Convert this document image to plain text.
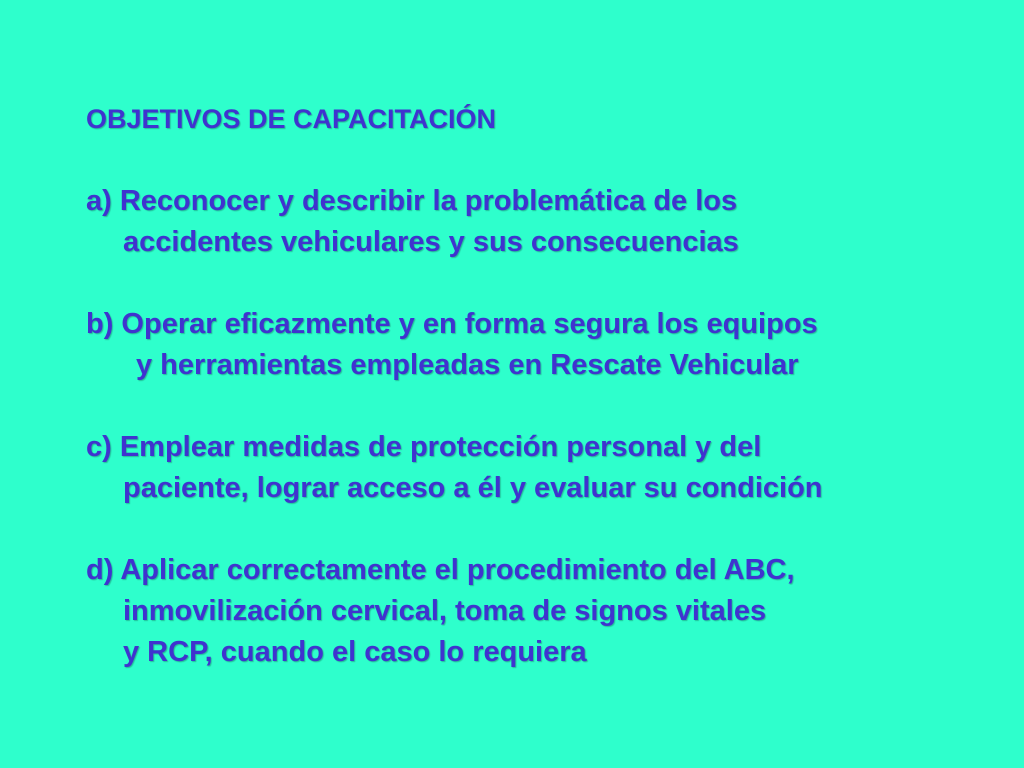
OBJETIVOS DE CAPACITACIÓN
a) Reconocer y describir la problemática de los
accidentes vehiculares y sus consecuencias
b) Operar eficazmente y en forma segura los equipos
y herramientas empleadas en Rescate Vehicular
c) Emplear medidas de protección personal y del
paciente, lograr acceso a él y evaluar su condición
d) Aplicar correctamente el procedimiento del ABC,
inmovilización cervical, toma de signos vitales
y RCP, cuando el caso lo requiera
